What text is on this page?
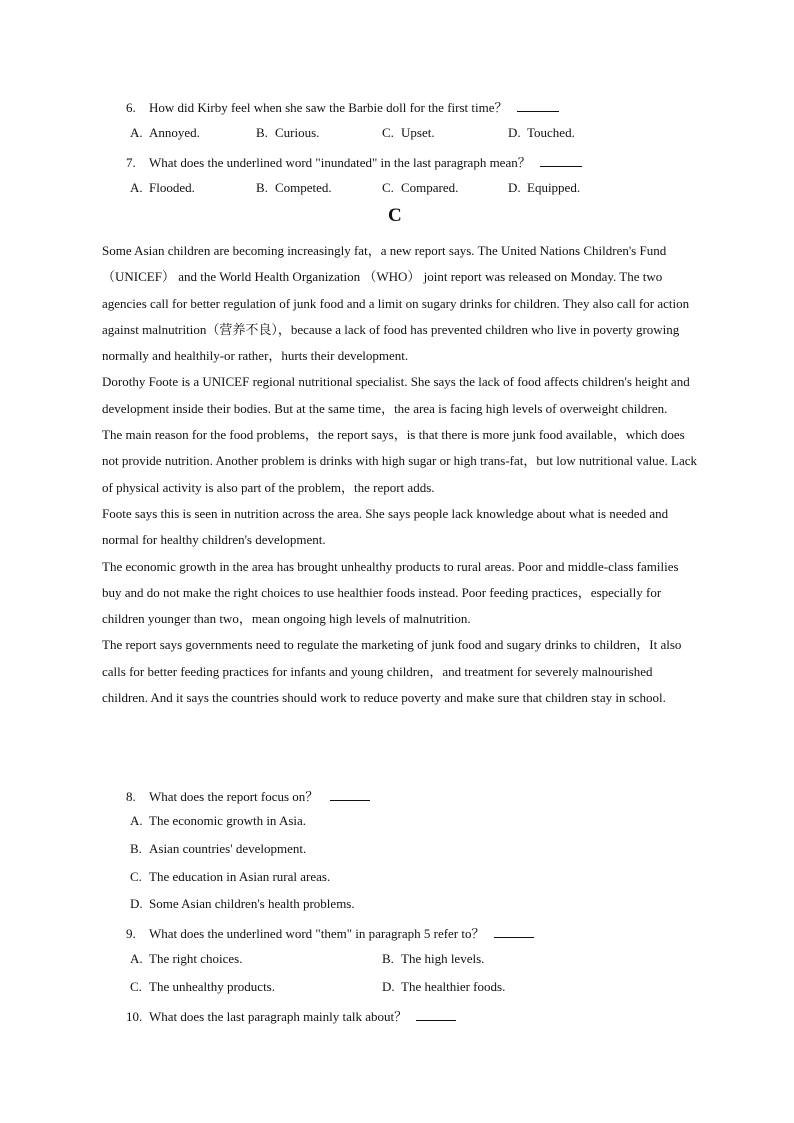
6. How did Kirby feel when she saw the Barbie doll for the first time？
A. Annoyed.	B. Curious.	C. Upset.	D. Touched.
7. What does the underlined word "inundated" in the last paragraph mean？
A. Flooded.	B. Competed.	C. Compared.	D. Equipped.
C

Some Asian children are becoming increasingly fat，a new report says. The United Nations Children's Fund （UNICEF） and the World Health Organization （WHO） joint report was released on Monday. The two agencies call for better regulation of junk food and a limit on sugary drinks for children. They also call for action against malnutrition（营养不良），because a lack of food has prevented children who live in poverty growing normally and healthily-or rather，hurts their development.

Dorothy Foote is a UNICEF regional nutritional specialist. She says the lack of food affects children's height and development inside their bodies. But at the same time，the area is facing high levels of overweight children.

The main reason for the food problems，the report says，is that there is more junk food available，which does not provide nutrition. Another problem is drinks with high sugar or high trans-fat，but low nutritional value. Lack of physical activity is also part of the problem，the report adds.

Foote says this is seen in nutrition across the area. She says people lack knowledge about what is needed and normal for healthy children's development.

The economic growth in the area has brought unhealthy products to rural areas. Poor and middle-class families buy and do not make the right choices to use healthier foods instead. Poor feeding practices，especially for children younger than two，mean ongoing high levels of malnutrition.

The report says governments need to regulate the marketing of junk food and sugary drinks to children，It also calls for better feeding practices for infants and young children，and treatment for severely malnourished children. And it says the countries should work to reduce poverty and make sure that children stay in school.

8. What does the report focus on？
A. The economic growth in Asia.
B. Asian countries' development.
C. The education in Asian rural areas.
D. Some Asian children's health problems.
9. What does the underlined word "them" in paragraph 5 refer to？
A. The right choices.	B. The high levels.
C. The unhealthy products.	D. The healthier foods.
10. What does the last paragraph mainly talk about？
